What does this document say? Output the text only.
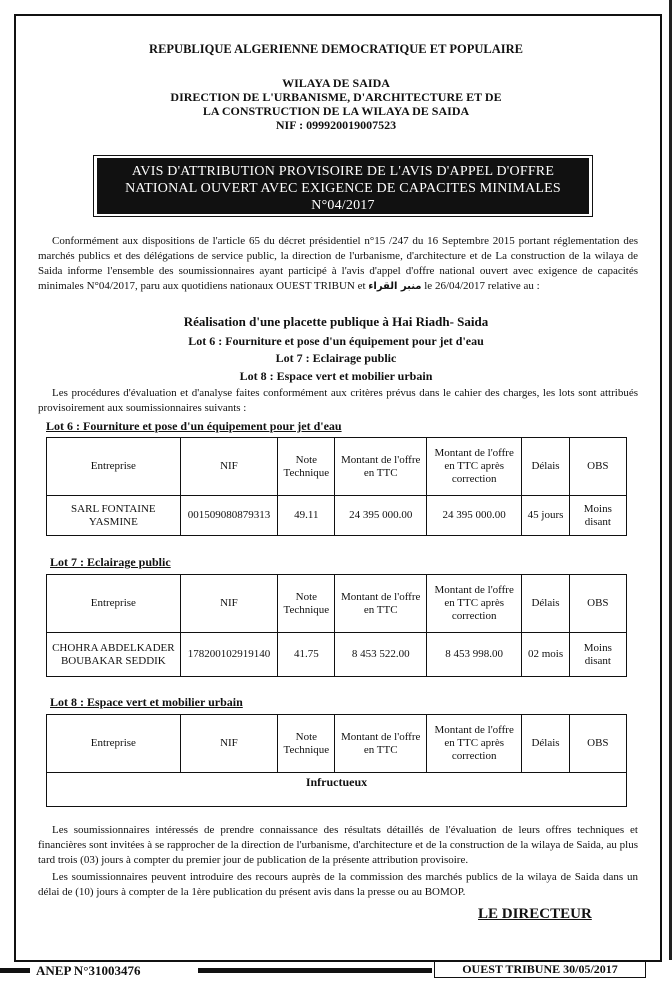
REPUBLIQUE ALGERIENNE DEMOCRATIQUE ET POPULAIRE
WILAYA DE SAIDA
DIRECTION DE L'URBANISME, D'ARCHITECTURE ET DE
LA CONSTRUCTION DE LA WILAYA DE SAIDA
NIF : 099920019007523
AVIS D'ATTRIBUTION PROVISOIRE DE L'AVIS D'APPEL D'OFFRE
NATIONAL OUVERT AVEC EXIGENCE DE CAPACITES MINIMALES
N°04/2017
Conformément aux dispositions de l'article 65 du décret présidentiel n°15 /247 du 16 Septembre 2015 portant réglementation des marchés publics et des délégations de service public, la direction de l'urbanisme, d'architecture et de La construction de la wilaya de Saida informe l'ensemble des soumissionnaires ayant participé à l'avis d'appel d'offre national ouvert avec exigence de capacités minimales N°04/2017, paru aux quotidiens nationaux OUEST TRIBUN et منبر القراء le 26/04/2017 relative au :
Réalisation d'une placette publique à Hai Riadh- Saida
Lot 6 : Fourniture et pose d'un équipement pour jet d'eau
Lot 7 : Eclairage public
Lot 8 : Espace vert et mobilier urbain
Les procédures d'évaluation et d'analyse faites conformément aux critères prévus dans le cahier des charges, les lots sont attribués provisoirement aux soumissionnaires suivants :
Lot 6 : Fourniture et pose d'un équipement pour jet d'eau
Entreprise	NIF	Note Technique	Montant de l'offre en TTC	Montant de l'offre en TTC après correction	Délais	OBS
SARL FONTAINE YASMINE	001509080879313	49.11	24 395 000.00	24 395 000.00	45 jours	Moins disant
Lot 7 : Eclairage public
Entreprise	NIF	Note Technique	Montant de l'offre en TTC	Montant de l'offre en TTC après correction	Délais	OBS
CHOHRA ABDELKADER BOUBAKAR SEDDIK	178200102919140	41.75	8 453 522.00	8 453 998.00	02 mois	Moins disant
Lot 8 : Espace vert et mobilier urbain
Entreprise	NIF	Note Technique	Montant de l'offre en TTC	Montant de l'offre en TTC après correction	Délais	OBS
Infructueux
Les soumissionnaires intéressés de prendre connaissance des résultats détaillés de l'évaluation de leurs offres techniques et financières sont invitées à se rapprocher de la direction de l'urbanisme, d'architecture et de la construction de la wilaya de Saida, au plus tard trois (03) jours à compter du premier jour de publication de la présente attribution provisoire.
Les soumissionnaires peuvent introduire des recours auprès de la commission des marchés publics de la wilaya de Saida dans un délai de (10) jours à compter de la 1ère publication du présent avis dans la presse ou au BOMOP.
LE DIRECTEUR
ANEP N°31003476	OUEST TRIBUNE 30/05/2017
